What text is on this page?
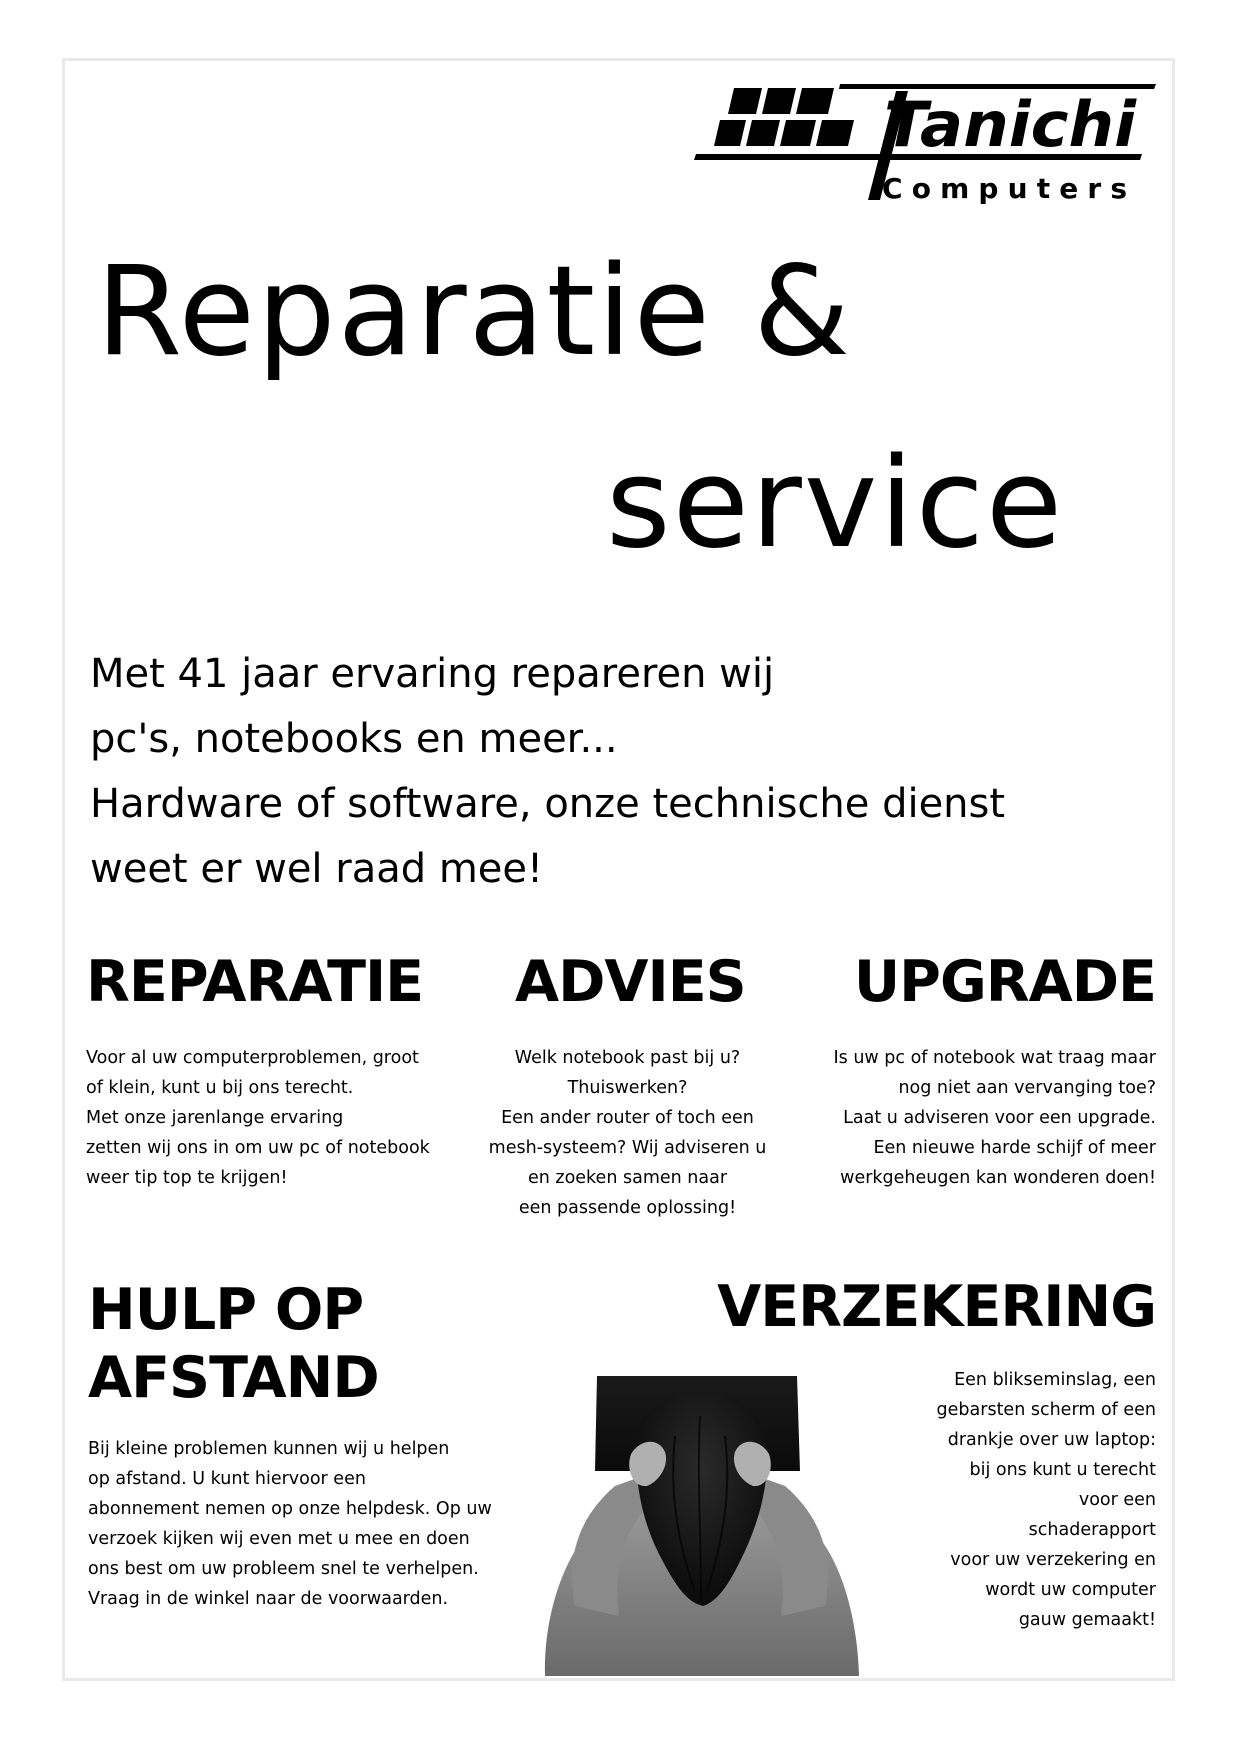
Tanichi
Computers
Reparatie &
service
Met 41 jaar ervaring repareren wij
pc's, notebooks en meer...
Hardware of software, onze technische dienst
weet er wel raad mee!
REPARATIE
Voor al uw computerproblemen, groot
of klein, kunt u bij ons terecht.
Met onze jarenlange ervaring
zetten wij ons in om uw pc of notebook
weer tip top te krijgen!
ADVIES
Welk notebook past bij u?
Thuiswerken?
Een ander router of toch een
mesh-systeem? Wij adviseren u
en zoeken samen naar
een passende oplossing!
UPGRADE
Is uw pc of notebook wat traag maar
nog niet aan vervanging toe?
Laat u adviseren voor een upgrade.
Een nieuwe harde schijf of meer
werkgeheugen kan wonderen doen!
HULP OP
AFSTAND
Bij kleine problemen kunnen wij u helpen
op afstand. U kunt hiervoor een
abonnement nemen op onze helpdesk. Op uw
verzoek kijken wij even met u mee en doen
ons best om uw probleem snel te verhelpen.
Vraag in de winkel naar de voorwaarden.
VERZEKERING
Een blikseminslag, een
gebarsten scherm of een
drankje over uw laptop:
bij ons kunt u terecht
voor een
schaderapport
voor uw verzekering en
wordt uw computer
gauw gemaakt!
